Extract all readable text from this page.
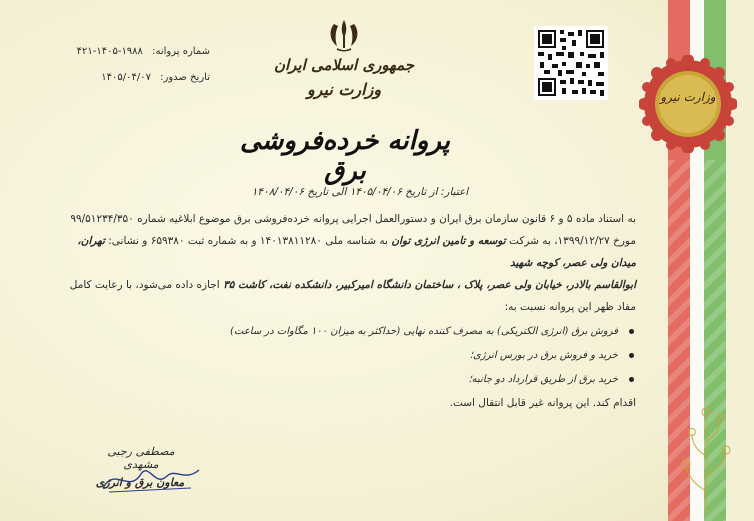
وزارت نیرو
جمهوری اسلامی ایران
وزارت نیرو
شماره پروانه: ۱۹۸۸-۱۴۰۵-۴۲۱
تاریخ صدور: ۱۴۰۵/۰۴/۰۷
پروانه خرده‌فروشی برق
اعتبار: از تاریخ ۱۴۰۵/۰۴/۰۶ الی تاریخ ۱۴۰۸/۰۴/۰۶

به استناد ماده ۵ و ۶ قانون سازمان برق ایران و دستورالعمل اجرایی پروانه خرده‌فروشی برق موضوع ابلاغیه شماره ۹۹/۵۱۲۳۴/۳۵۰

مورخ ۱۳۹۹/۱۲/۲۷، به شرکت توسعه و تامین انرژی توان به شناسه ملی ۱۴۰۱۳۸۱۱۲۸۰ و به شماره ثبت ۶۵۹۳۸۰ و نشانی: تهران، میدان ولی عصر، کوچه شهید

ابوالقاسم بالادر، خیابان ولی عصر، پلاک ، ساختمان دانشگاه امیرکبیر، دانشکده نفت، کاشت ۳۵ اجازه داده می‌شود، با رعایت کامل مفاد ظهر این پروانه نسبت به:

فروش برق (انرژی الکتریکی) به مصرف کننده نهایی (حداکثر به میزان ۱۰۰ مگاوات در ساعت)
خرید و فروش برق در بورس انرژی؛
خرید برق از طریق قرارداد دو جانبه؛

اقدام کند. این پروانه غیر قابل انتقال است.

مصطفی رجبی مشهدی
معاون برق و انرژی
